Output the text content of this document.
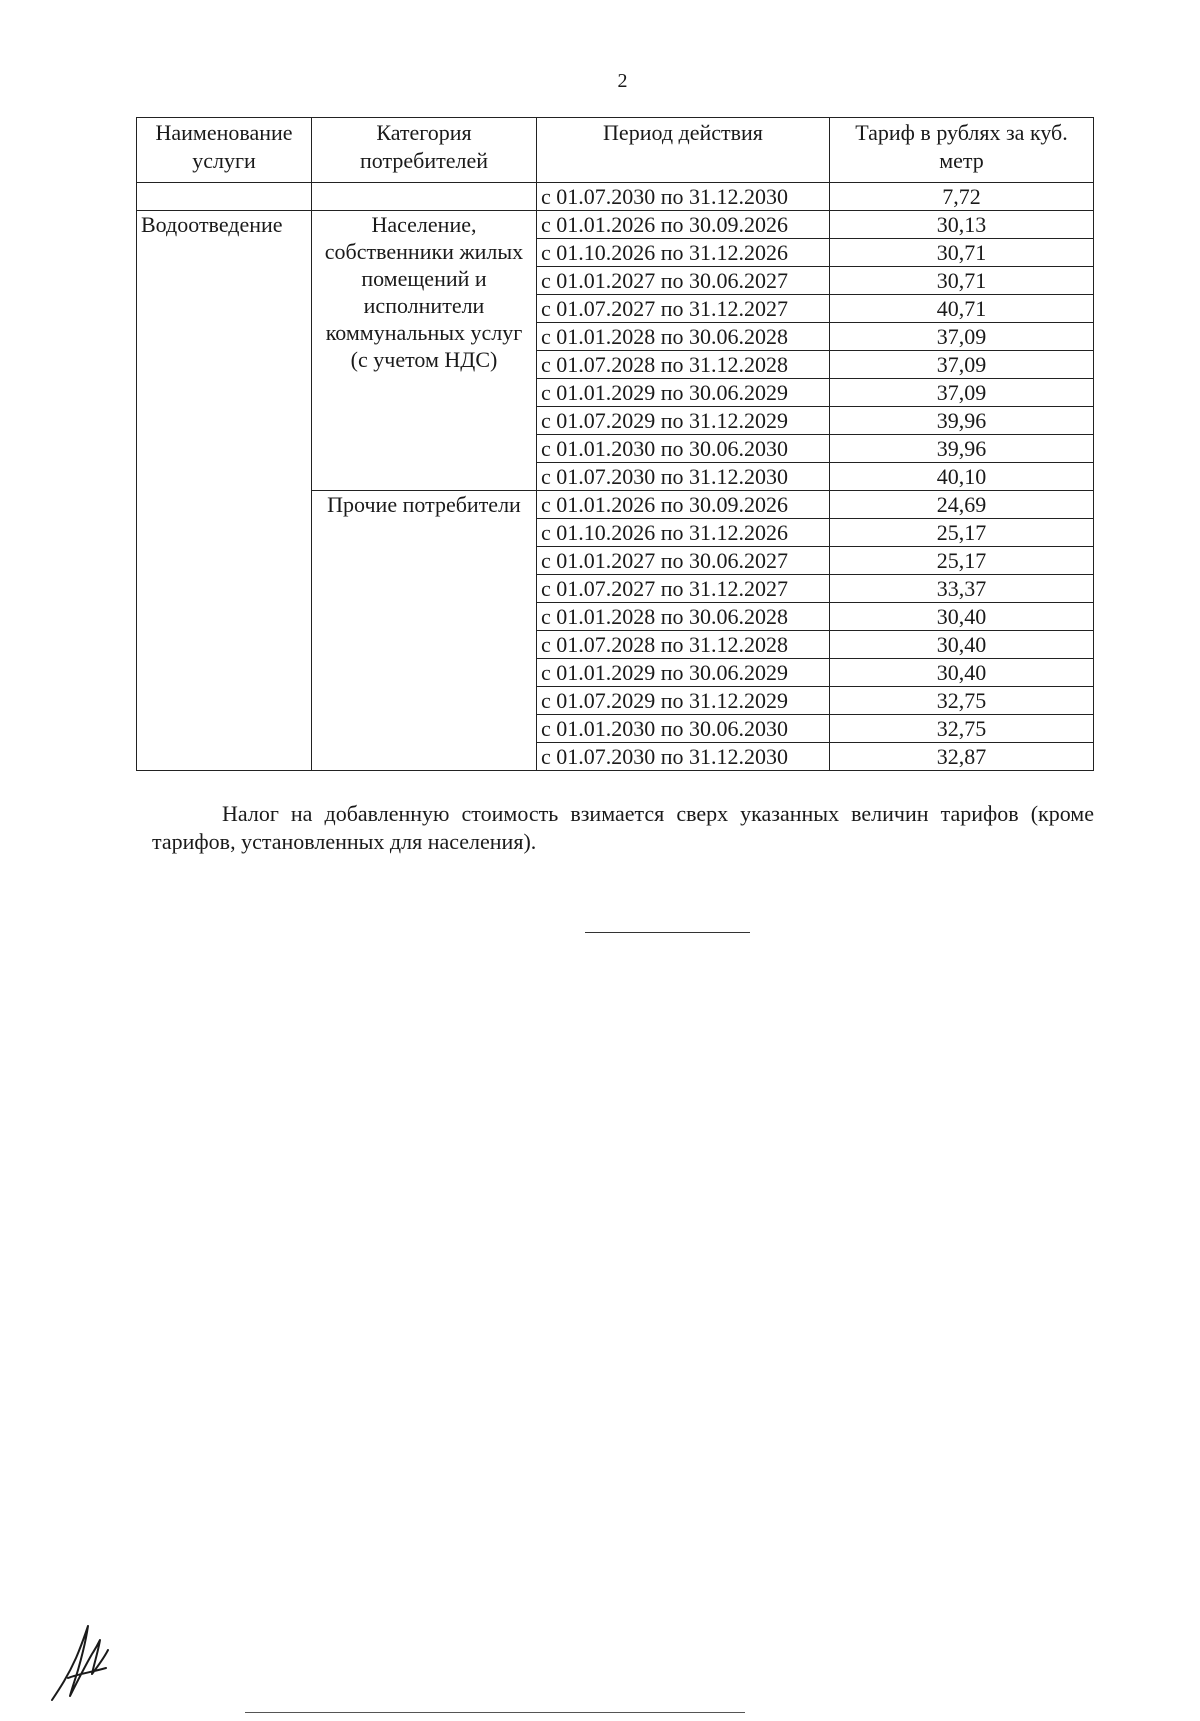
2
Наименование услуги	Категория потребителей	Период действия	Тариф в рублях за куб. метр
		с 01.07.2030 по 31.12.2030	7,72
Водоотведение	Население, собственники жилых помещений и исполнители коммунальных услуг (с учетом НДС)	с 01.01.2026 по 30.09.2026	30,13
		с 01.10.2026 по 31.12.2026	30,71
		с 01.01.2027 по 30.06.2027	30,71
		с 01.07.2027 по 31.12.2027	40,71
		с 01.01.2028 по 30.06.2028	37,09
		с 01.07.2028 по 31.12.2028	37,09
		с 01.01.2029 по 30.06.2029	37,09
		с 01.07.2029 по 31.12.2029	39,96
		с 01.01.2030 по 30.06.2030	39,96
		с 01.07.2030 по 31.12.2030	40,10
	Прочие потребители	с 01.01.2026 по 30.09.2026	24,69
		с 01.10.2026 по 31.12.2026	25,17
		с 01.01.2027 по 30.06.2027	25,17
		с 01.07.2027 по 31.12.2027	33,37
		с 01.01.2028 по 30.06.2028	30,40
		с 01.07.2028 по 31.12.2028	30,40
		с 01.01.2029 по 30.06.2029	30,40
		с 01.07.2029 по 31.12.2029	32,75
		с 01.01.2030 по 30.06.2030	32,75
		с 01.07.2030 по 31.12.2030	32,87
Налог на добавленную стоимость взимается сверх указанных величин тарифов (кроме тарифов, установленных для населения).
